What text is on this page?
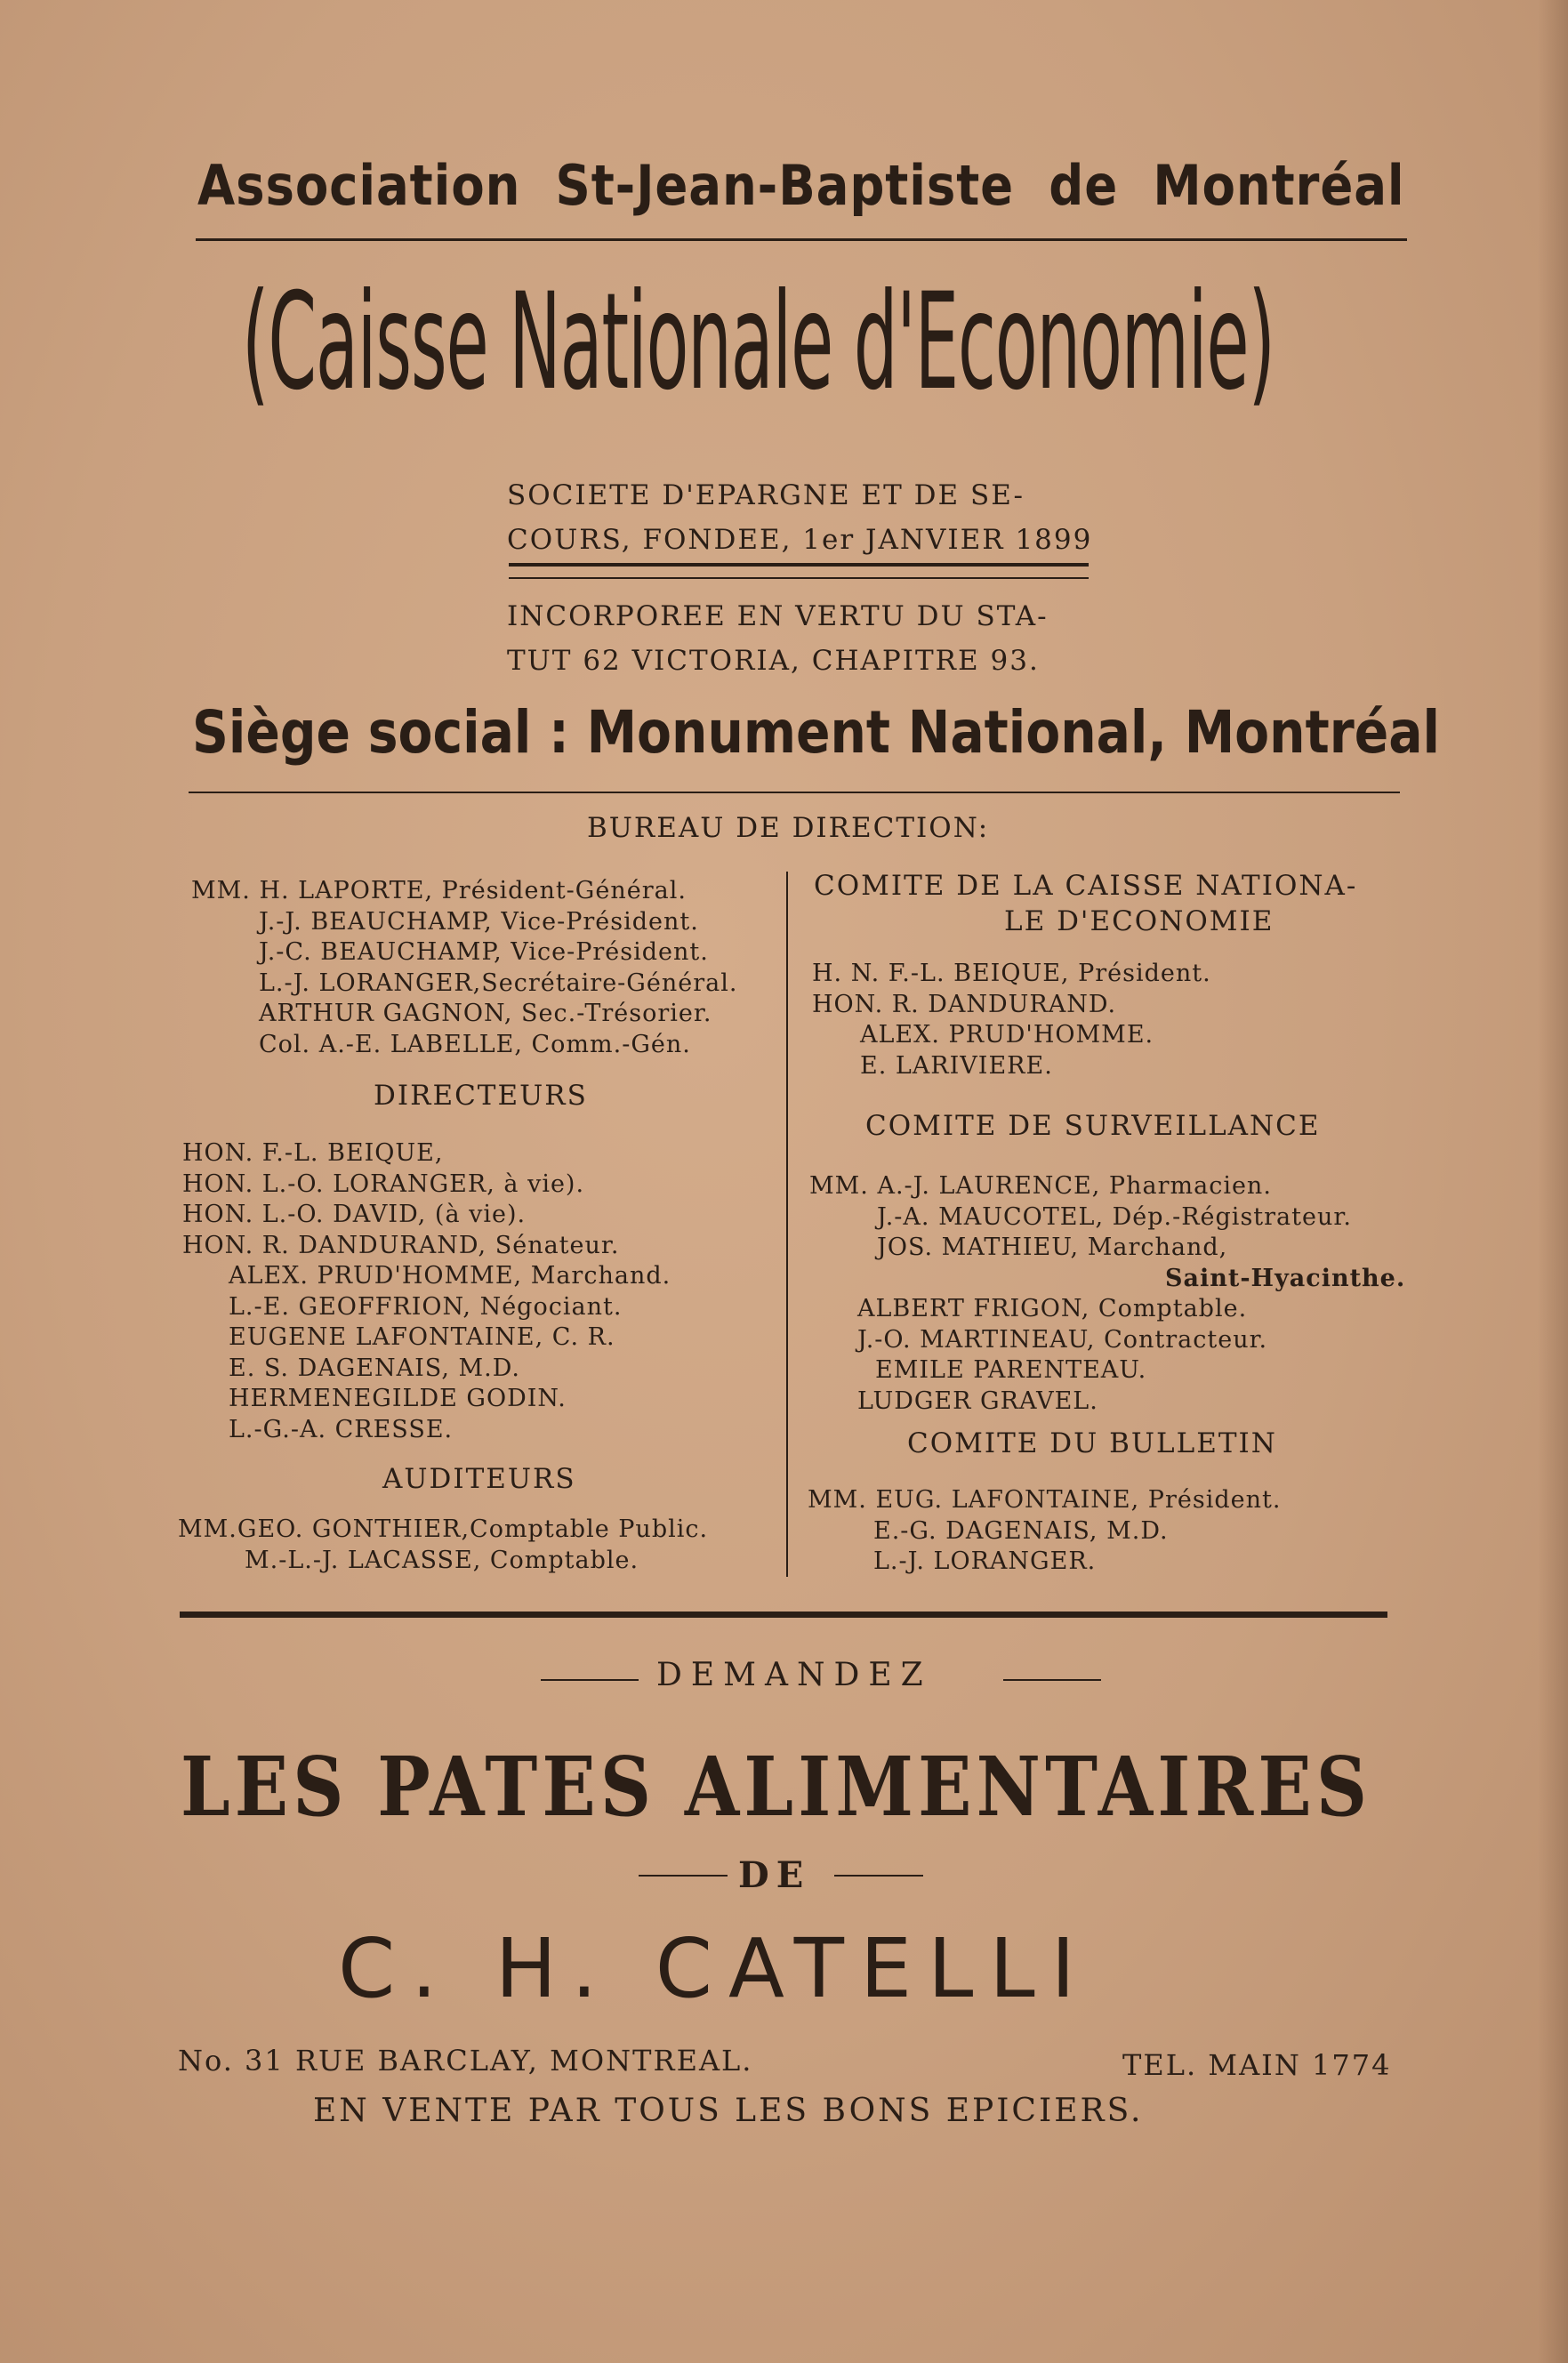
Association St-Jean-Baptiste de Montréal
(Caisse Nationale d'Economie)
SOCIETE D'EPARGNE ET DE SE-
COURS, FONDEE, 1er JANVIER 1899
INCORPOREE EN VERTU DU STA-
TUT 62 VICTORIA, CHAPITRE 93.
Siège social : Monument National, Montréal
BUREAU DE DIRECTION:
MM. H. LAPORTE, Président-Général.
J.-J. BEAUCHAMP, Vice-Président.
J.-C. BEAUCHAMP, Vice-Président.
L.-J. LORANGER,Secrétaire-Général.
ARTHUR GAGNON, Sec.-Trésorier.
Col. A.-E. LABELLE, Comm.-Gén.
DIRECTEURS
HON. F.-L. BEIQUE,
HON. L.-O. LORANGER, à vie).
HON. L.-O. DAVID, (à vie).
HON. R. DANDURAND, Sénateur.
ALEX. PRUD'HOMME, Marchand.
L.-E. GEOFFRION, Négociant.
EUGENE LAFONTAINE, C. R.
E. S. DAGENAIS, M.D.
HERMENEGILDE GODIN.
L.-G.-A. CRESSE.
AUDITEURS
MM.GEO. GONTHIER,Comptable Public.
M.-L.-J. LACASSE, Comptable.
COMITE DE LA CAISSE NATIONA-
LE D'ECONOMIE
H. N. F.-L. BEIQUE, Président.
HON. R. DANDURAND.
ALEX. PRUD'HOMME.
E. LARIVIERE.
COMITE DE SURVEILLANCE
MM. A.-J. LAURENCE, Pharmacien.
J.-A. MAUCOTEL, Dép.-Régistrateur.
JOS. MATHIEU, Marchand,
Saint-Hyacinthe.
ALBERT FRIGON, Comptable.
J.-O. MARTINEAU, Contracteur.
EMILE PARENTEAU.
LUDGER GRAVEL.
COMITE DU BULLETIN
MM. EUG. LAFONTAINE, Président.
E.-G. DAGENAIS, M.D.
L.-J. LORANGER.
DEMANDEZ
LES PATES ALIMENTAIRES
DE
C. H. CATELLI
No. 31 RUE BARCLAY, MONTREAL.	TEL. MAIN 1774
EN VENTE PAR TOUS LES BONS EPICIERS.
